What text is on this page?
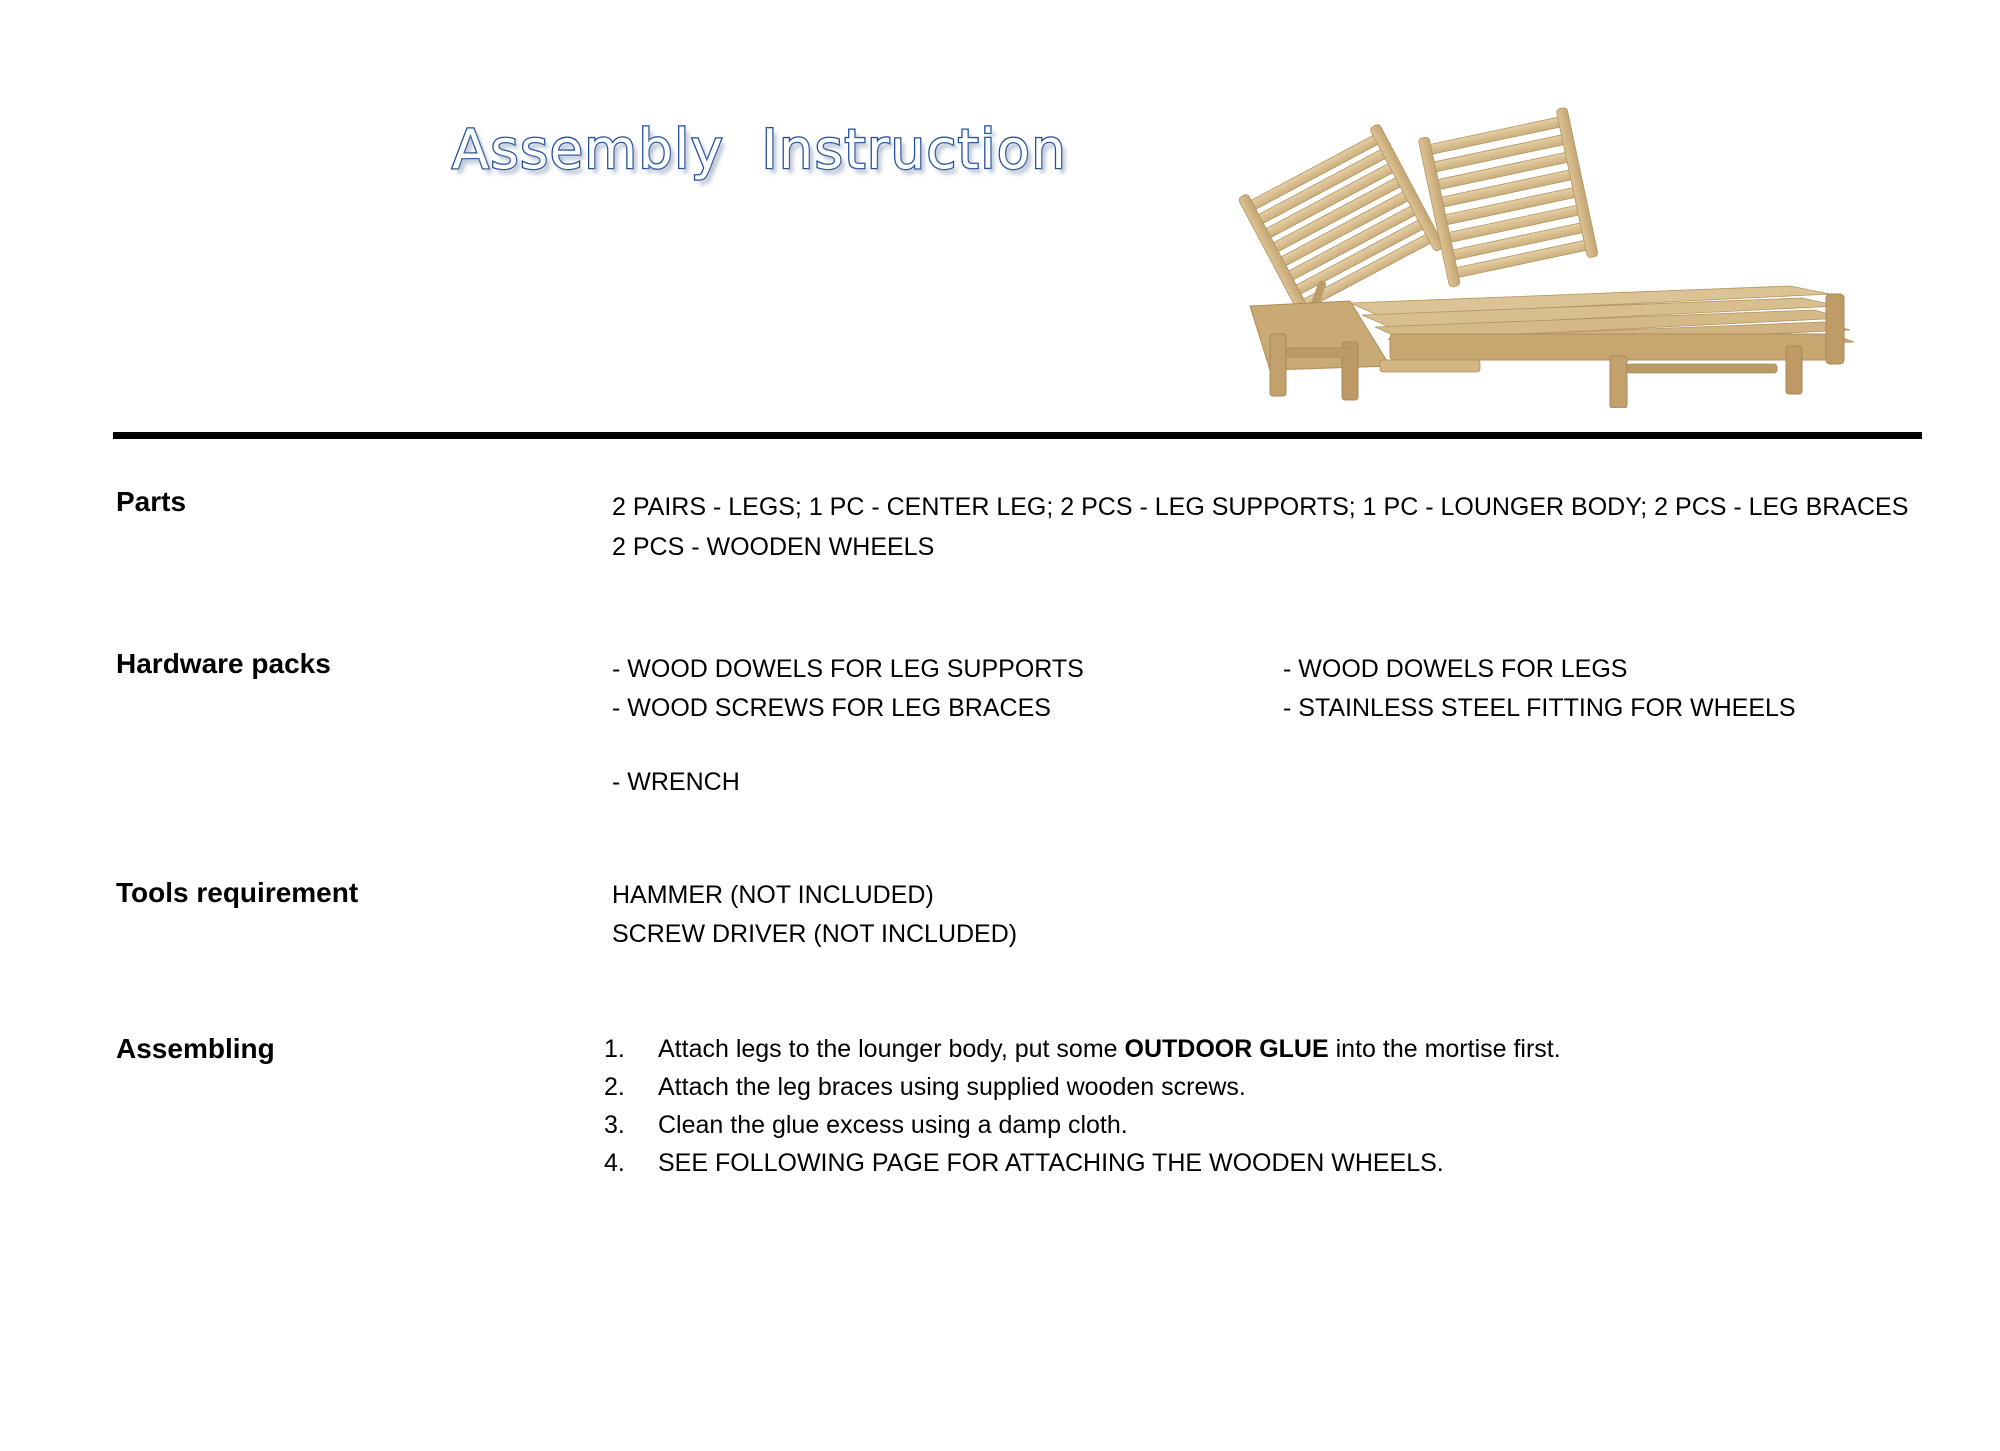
Assembly  Instruction
Parts	2 PAIRS - LEGS; 1 PC - CENTER LEG; 2 PCS - LEG SUPPORTS; 1 PC - LOUNGER BODY; 2 PCS - LEG BRACES
2 PCS - WOODEN WHEELS
Hardware packs	- WOOD DOWELS FOR LEG SUPPORTS
- WOOD SCREWS FOR LEG BRACES
- WOOD DOWELS FOR LEGS
- STAINLESS STEEL FITTING FOR WHEELS
- WRENCH
Tools requirement	HAMMER (NOT INCLUDED)
SCREW DRIVER (NOT INCLUDED)
Assembling	1.	Attach legs to the lounger body, put some OUTDOOR GLUE into the mortise first.
2.	Attach the leg braces using supplied wooden screws.
3.	Clean the glue excess using a damp cloth.
4.	SEE FOLLOWING PAGE FOR ATTACHING THE WOODEN WHEELS.
